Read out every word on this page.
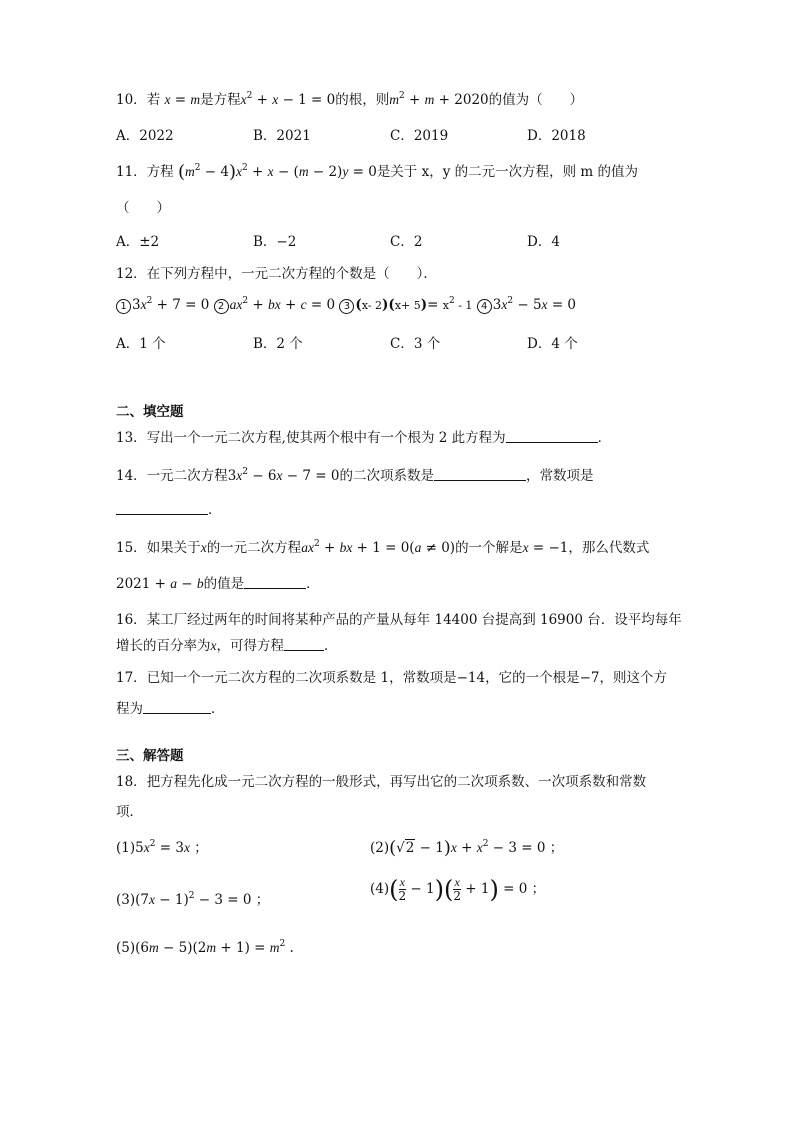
10．若 x = m是方程$x^2 + x - 1 = 0$的根，则$m^2 + m + 2020$的值为（　　）
A．2022	B．2021	C．2019	D．2018
11．方程 $(m^2 - 4)x^2 + x - (m - 2)y = 0$是关于 x，y 的二元一次方程，则 m 的值为
（　　）
A．±2	B．−2	C．2	D．4
12．在下列方程中，一元二次方程的个数是（　　）．
1 $3x^2 + 7 = 0$ 2 $ax^2$ + bx + c = 0 3 (x- $2)(x+ 5)= x^2 - 1$ 4 $3x^2 - 5x = 0$
A．1 个	B．2 个	C．3 个	D．4 个
二、填空题
13．写出一个一元二次方程,使其两个根中有一个根为 2 此方程为	．
14．一元二次方程$3x^2 - 6x - 7 = 0$的二次项系数是	，常数项是
．
15．如果关于x的一元二次方程$ax^2$ + bx + 1 = 0(a ≠ 0)的一个解是x = −1，那么代数式
2021 + a − b的值是	．
16．某工厂经过两年的时间将某种产品的产量从每年 14400 台提高到 16900 台．设平均每年
增长的百分率为x，可得方程	．
17．已知一个一元二次方程的二次项系数是 1，常数项是−14，它的一个根是−7，则这个方
程为	．
三、解答题
18．把方程先化成一元二次方程的一般形式，再写出它的二次项系数、一次项系数和常数
项．
$(1)5x^2 = 3x$ ；	$(2)(√2 - 1)x + x^2 - 3 = 0$ ；
$(3)(7x - 1)^2 - 3 = 0$ ；
$(4)( \frac{x}{2} - 1)( \frac{x}{2} + 1) = 0$ ；
$(5)(6m - 5)(2m + 1) = m^2$ .
